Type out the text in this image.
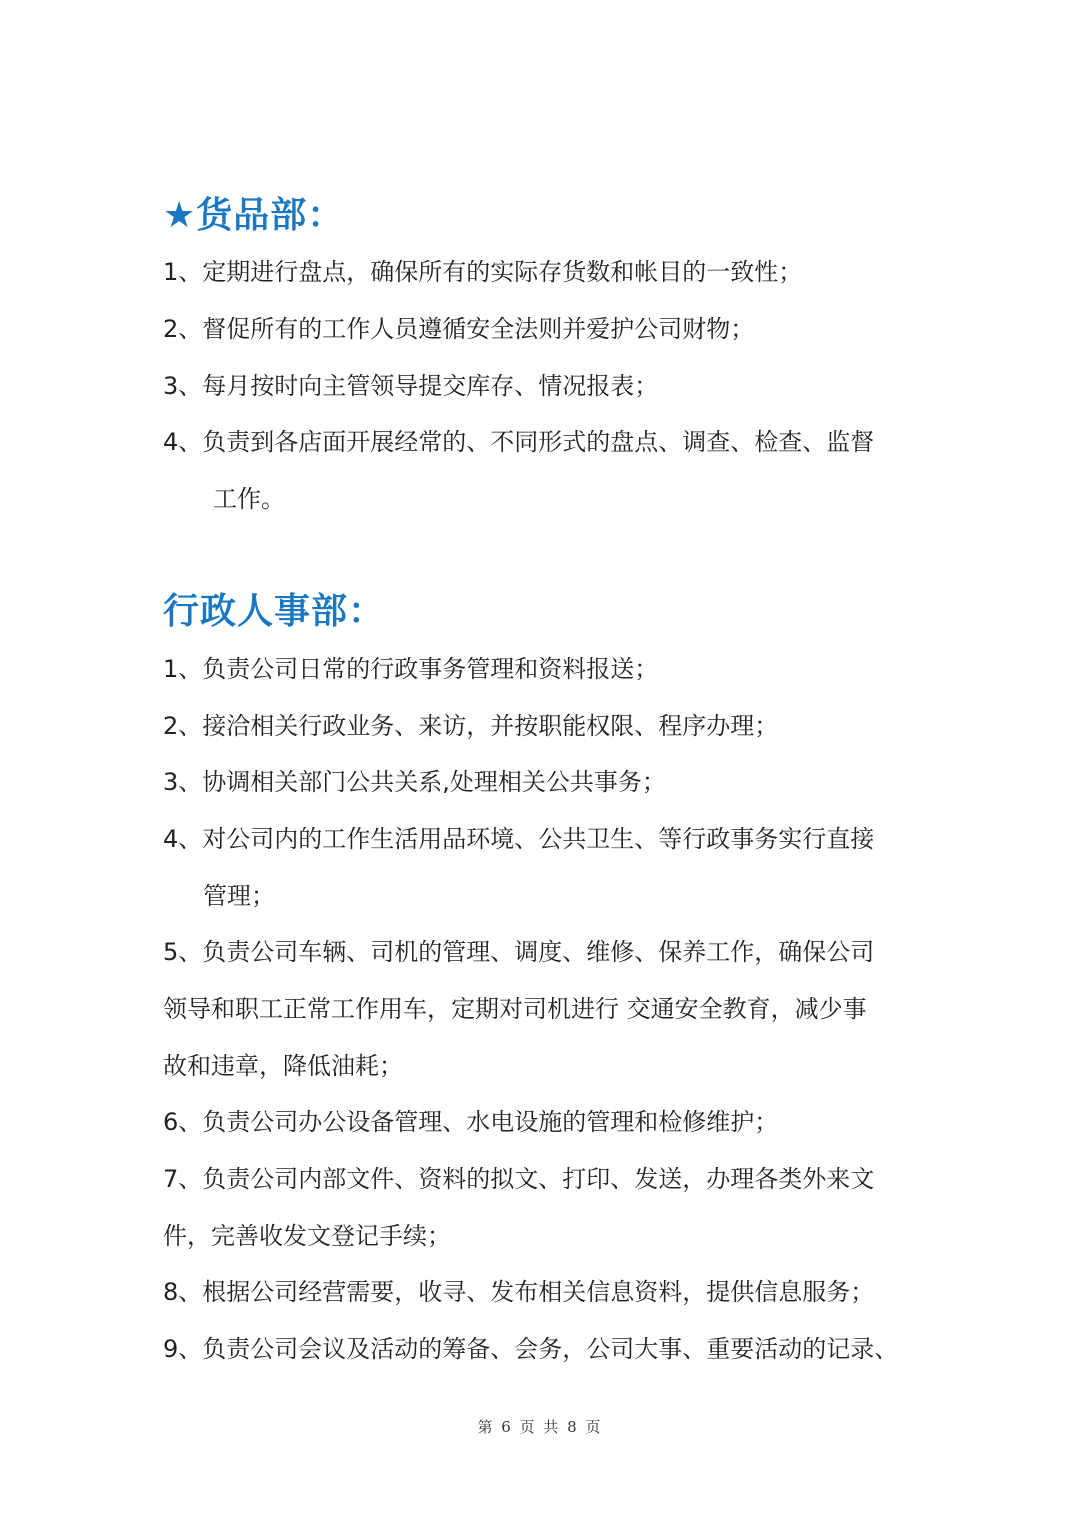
★货品部：
1、定期进行盘点，确保所有的实际存货数和帐目的一致性；
2、督促所有的工作人员遵循安全法则并爱护公司财物；
3、每月按时向主管领导提交库存、情况报表；
4、负责到各店面开展经常的、不同形式的盘点、调查、检查、监督
工作。
行政人事部：
1、负责公司日常的行政事务管理和资料报送；
2、接洽相关行政业务、来访，并按职能权限、程序办理；
3、协调相关部门公共关系,处理相关公共事务；
4、对公司内的工作生活用品环境、公共卫生、等行政事务实行直接
管理；
5、负责公司车辆、司机的管理、调度、维修、保养工作，确保公司
领导和职工正常工作用车，定期对司机进行 交通安全教育，减少事
故和违章，降低油耗；
6、负责公司办公设备管理、水电设施的管理和检修维护；
7、负责公司内部文件、资料的拟文、打印、发送，办理各类外来文
件，完善收发文登记手续；
8、根据公司经营需要，收寻、发布相关信息资料，提供信息服务；
9、负责公司会议及活动的筹备、会务，公司大事、重要活动的记录、
第 6 页 共 8 页
